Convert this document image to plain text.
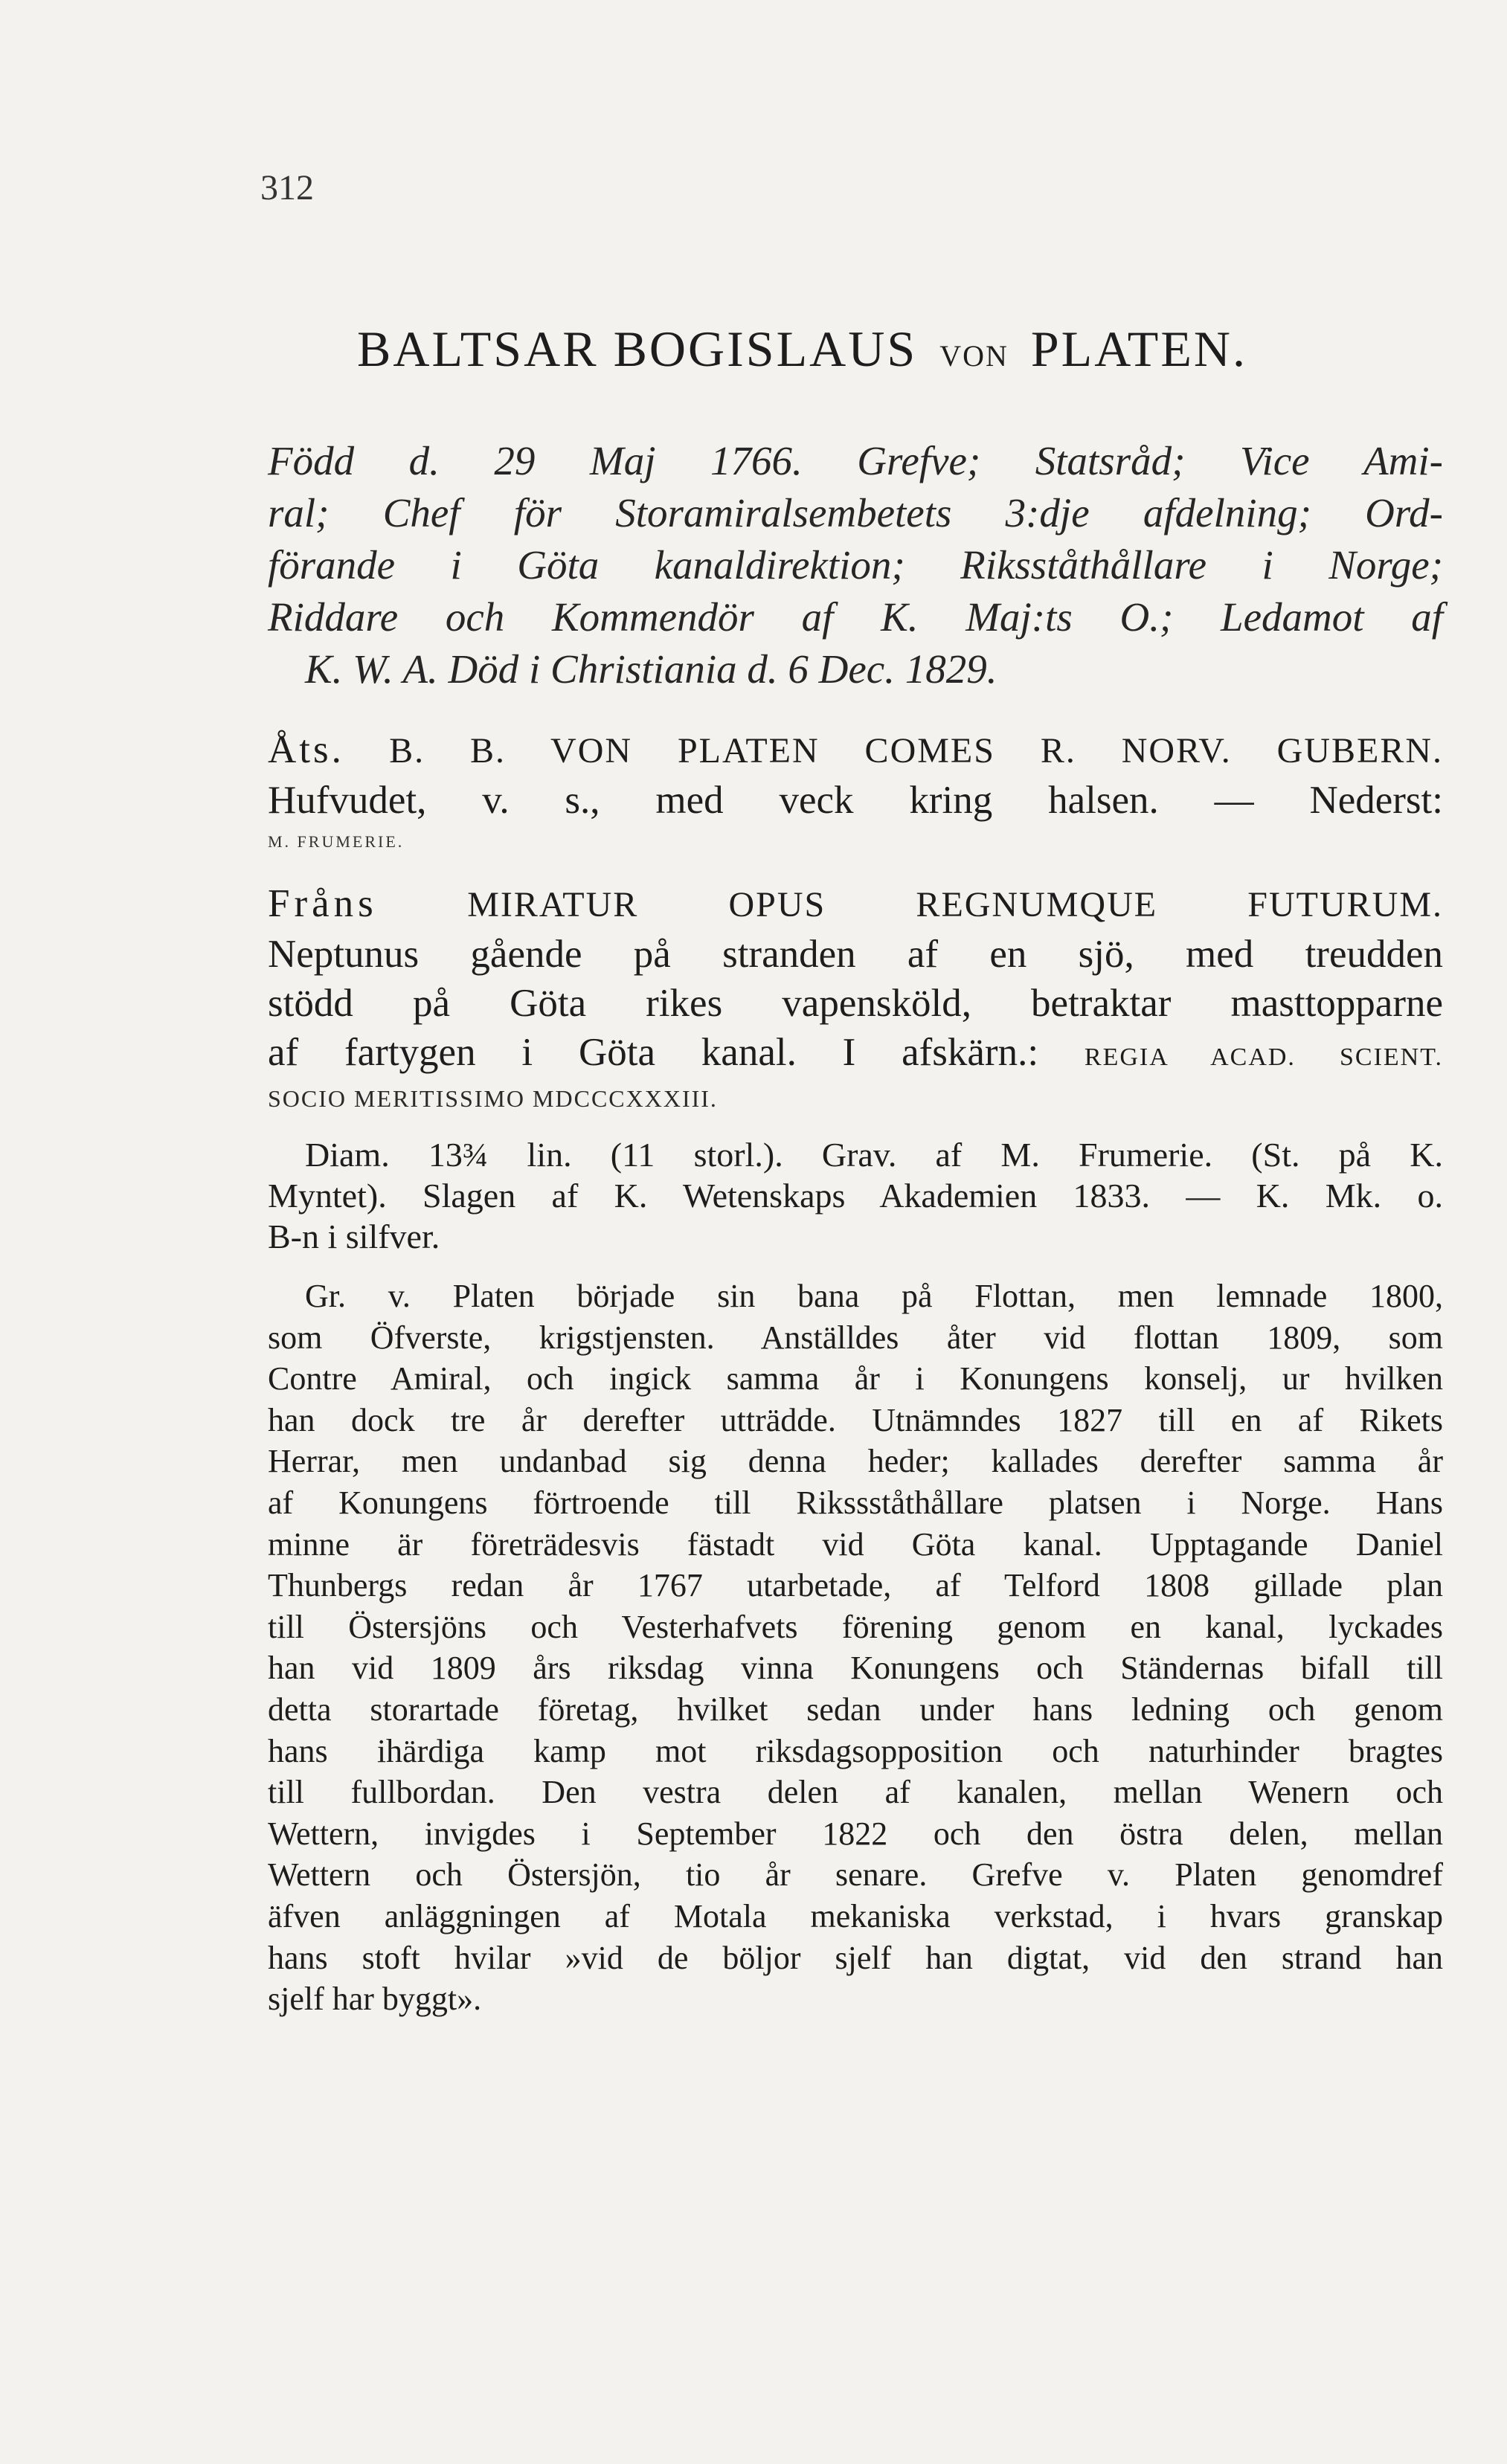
312
BALTSAR BOGISLAUS VON PLATEN.
Född d. 29 Maj 1766. Grefve; Statsråd; Vice Ami-
ral; Chef för Storamiralsembetets 3:dje afdelning; Ord-
förande i Göta kanaldirektion; Riksståthållare i Norge;
Riddare och Kommendör af K. Maj:ts O.; Ledamot af
K. W. A. Död i Christiania d. 6 Dec. 1829.
Åts. B. B. VON PLATEN COMES R. NORV. GUBERN.
Hufvudet, v. s., med veck kring halsen. — Nederst:
M. FRUMERIE.
Fråns	MIRATUR OPUS REGNUMQUE FUTURUM.
Neptunus gående på stranden af en sjö, med treudden
stödd på Göta rikes vapensköld, betraktar masttopparne
af fartygen i Göta kanal. I afskärn.: REGIA ACAD. SCIENT.
SOCIO MERITISSIMO MDCCCXXXIII.
Diam. 13¾ lin. (11 storl.). Grav. af M. Frumerie. (St. på K.
Myntet). Slagen af K. Wetenskaps Akademien 1833. — K. Mk. o.
B-n i silfver.
Gr. v. Platen började sin bana på Flottan, men lemnade 1800,
som Öfverste, krigstjensten. Anställdes åter vid flottan 1809, som
Contre Amiral, och ingick samma år i Konungens konselj, ur hvilken
han dock tre år derefter utträdde. Utnämndes 1827 till en af Rikets
Herrar, men undanbad sig denna heder; kallades derefter samma år
af Konungens förtroende till Rikssståthållare platsen i Norge. Hans
minne är företrädesvis fästadt vid Göta kanal. Upptagande Daniel
Thunbergs redan år 1767 utarbetade, af Telford 1808 gillade plan
till Östersjöns och Vesterhafvets förening genom en kanal, lyckades
han vid 1809 års riksdag vinna Konungens och Ständernas bifall till
detta storartade företag, hvilket sedan under hans ledning och genom
hans ihärdiga kamp mot riksdagsopposition och naturhinder bragtes
till fullbordan. Den vestra delen af kanalen, mellan Wenern och
Wettern, invigdes i September 1822 och den östra delen, mellan
Wettern och Östersjön, tio år senare. Grefve v. Platen genomdref
äfven anläggningen af Motala mekaniska verkstad, i hvars granskap
hans stoft hvilar »vid de böljor sjelf han digtat, vid den strand han
sjelf har byggt».
